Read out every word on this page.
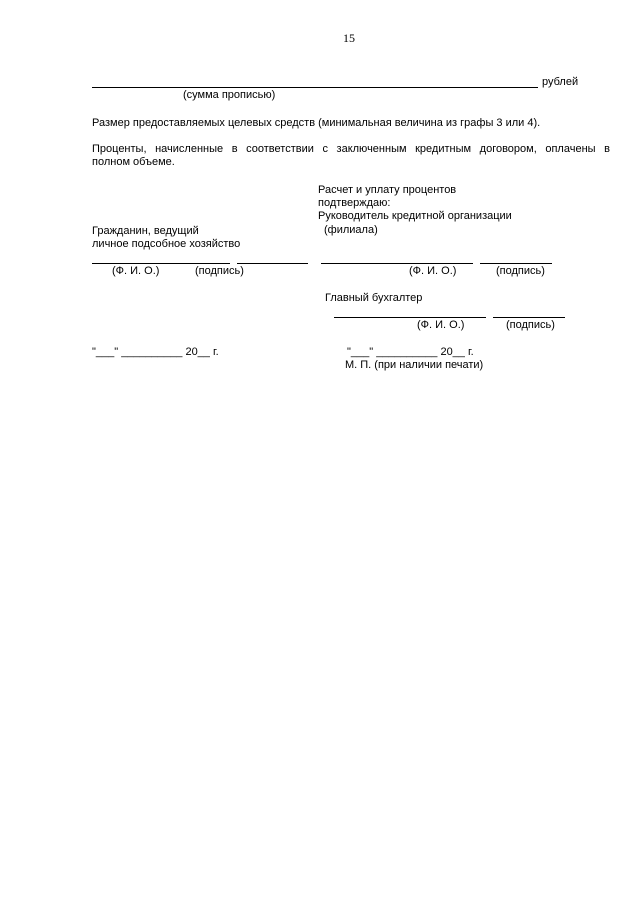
15
рублей
(сумма прописью)
Размер предоставляемых целевых средств (минимальная величина из графы 3 или 4).
Проценты, начисленные в соответствии с заключенным кредитным договором, оплачены в
полном объеме.
Расчет и уплату процентов
подтверждаю:
Руководитель кредитной организации
(филиала)
Гражданин, ведущий
личное подсобное хозяйство
(Ф. И. О.)	(подпись)	(Ф. И. О.)	(подпись)
Главный бухгалтер
(Ф. И. О.)	(подпись)
"___" __________ 20__ г.	"___" __________ 20__ г.
М. П. (при наличии печати)
